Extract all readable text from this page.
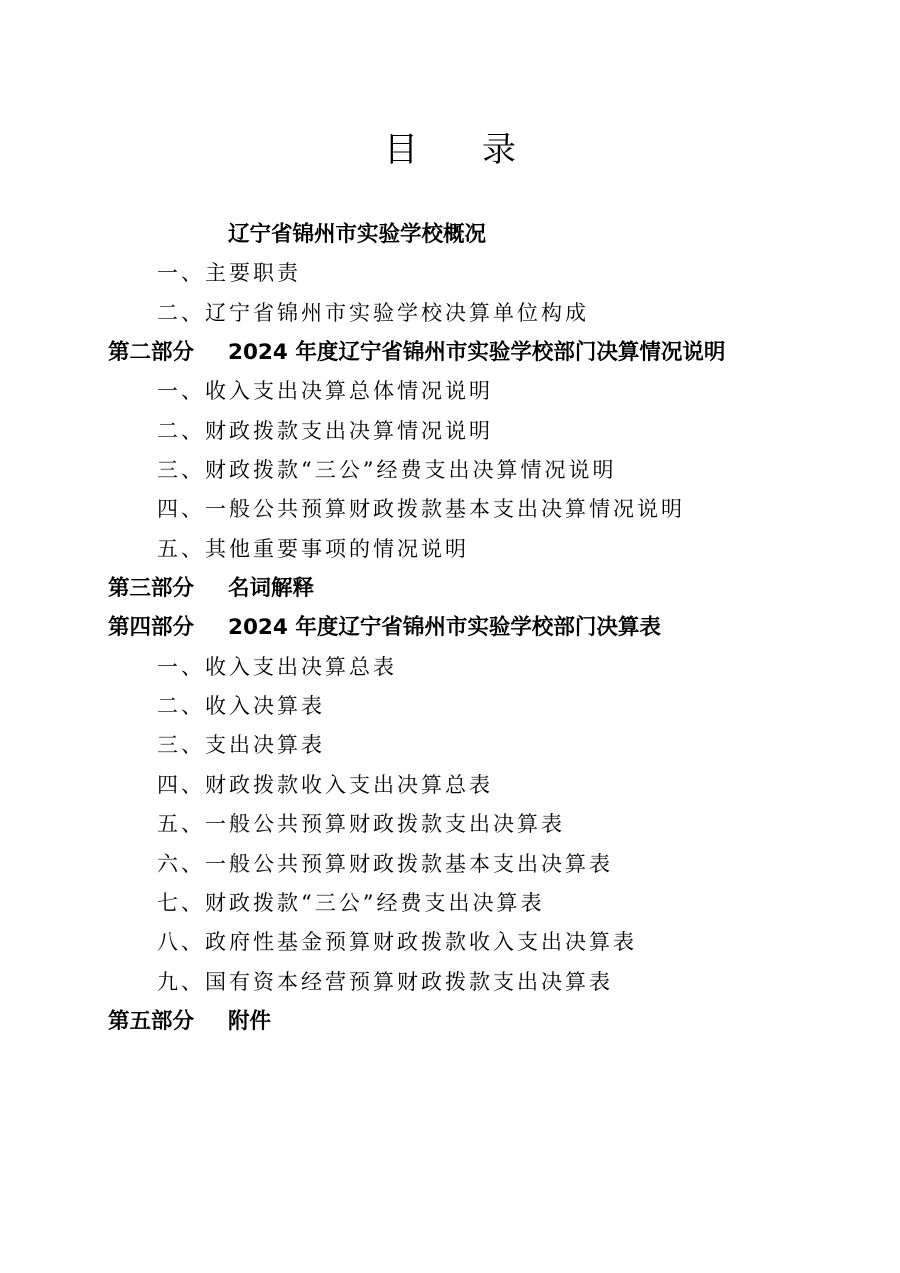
目 录
辽宁省锦州市实验学校概况
一、主要职责
二、辽宁省锦州市实验学校决算单位构成
第二部分 2024 年度辽宁省锦州市实验学校部门决算情况说明
一、收入支出决算总体情况说明
二、财政拨款支出决算情况说明
三、财政拨款“三公”经费支出决算情况说明
四、一般公共预算财政拨款基本支出决算情况说明
五、其他重要事项的情况说明
第三部分 名词解释
第四部分 2024 年度辽宁省锦州市实验学校部门决算表
一、收入支出决算总表
二、收入决算表
三、支出决算表
四、财政拨款收入支出决算总表
五、一般公共预算财政拨款支出决算表
六、一般公共预算财政拨款基本支出决算表
七、财政拨款“三公”经费支出决算表
八、政府性基金预算财政拨款收入支出决算表
九、国有资本经营预算财政拨款支出决算表
第五部分 附件
